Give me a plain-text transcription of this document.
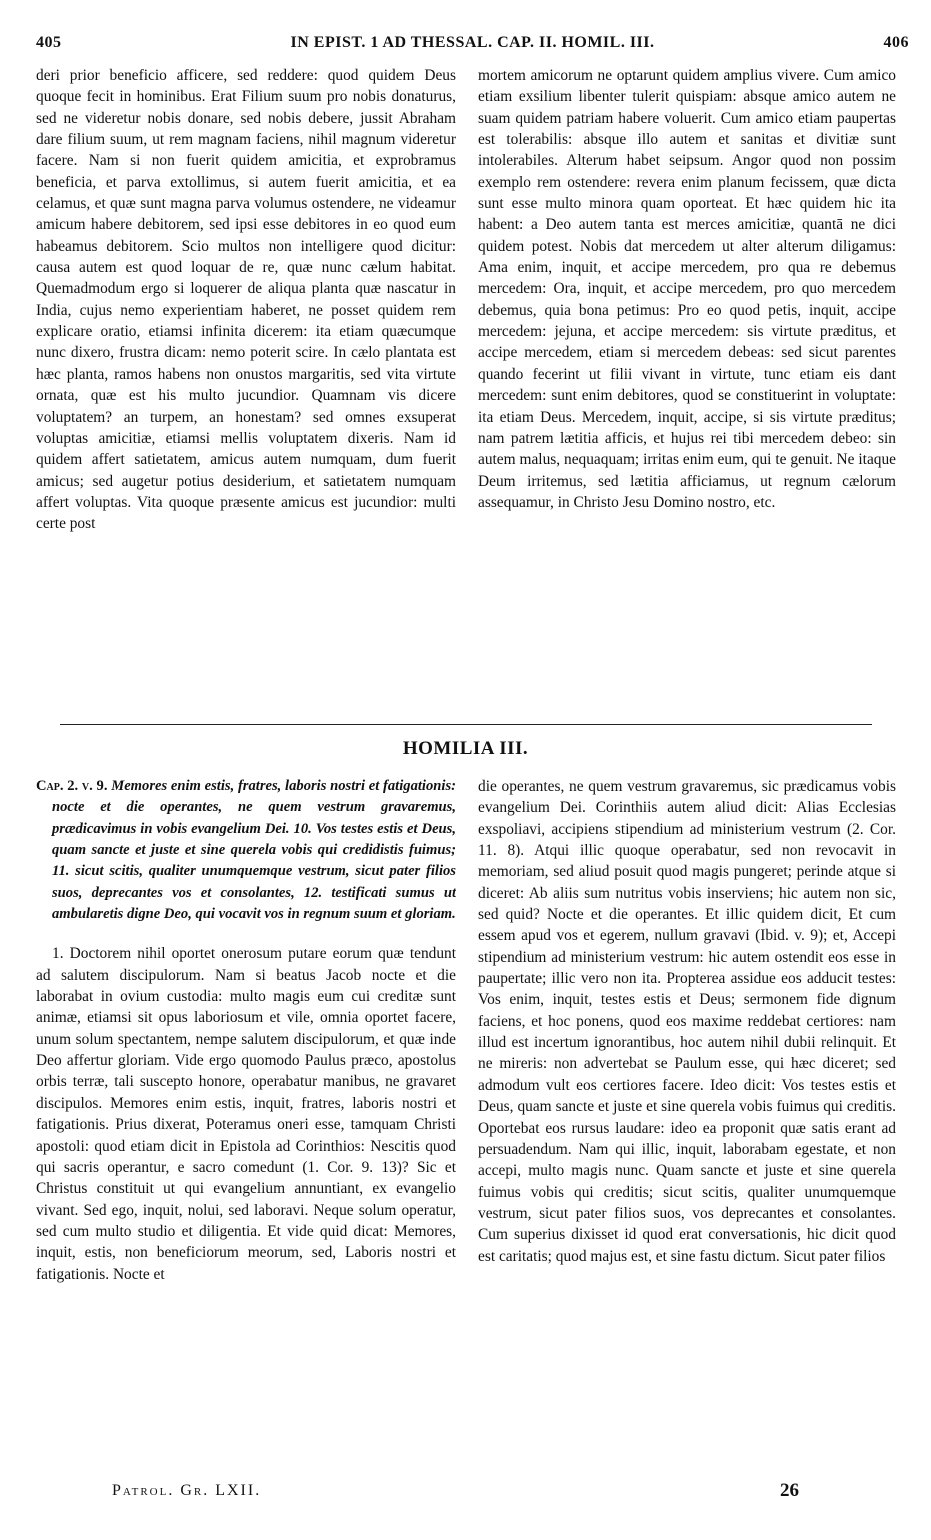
405	IN EPIST. 1 AD THESSAL. CAP. II. HOMIL. III.	406

deri prior beneficio afficere, sed reddere: quod quidem Deus quoque fecit in hominibus. Erat Filium suum pro nobis donaturus, sed ne videretur nobis donare, sed nobis debere, jussit Abraham dare filium suum, ut rem magnam faciens, nihil magnum videretur facere. Nam si non fuerit quidem amicitia, et exprobramus beneficia, et parva extollimus, si autem fuerit amicitia, et ea celamus, et quæ sunt magna parva volumus ostendere, ne videamur amicum habere debitorem, sed ipsi esse debitores in eo quod eum habeamus debitorem. Scio multos non intelligere quod dicitur: causa autem est quod loquar de re, quæ nunc cælum habitat. Quemadmodum ergo si loquerer de aliqua planta quæ nascatur in India, cujus nemo experientiam haberet, ne posset quidem rem explicare oratio, etiamsi infinita dicerem: ita etiam quæcumque nunc dixero, frustra dicam: nemo poterit scire. In cælo plantata est hæc planta, ramos habens non onustos margaritis, sed vita virtute ornata, quæ est his multo jucundior. Quamnam vis dicere voluptatem? an turpem, an honestam? sed omnes exsuperat voluptas amicitiæ, etiamsi mellis voluptatem dixeris. Nam id quidem affert satietatem, amicus autem numquam, dum fuerit amicus; sed augetur potius desiderium, et satietatem numquam affert voluptas. Vita quoque præsente amicus est jucundior: multi certe post

mortem amicorum ne optarunt quidem amplius vivere. Cum amico etiam exsilium libenter tulerit quispiam: absque amico autem ne suam quidem patriam habere voluerit. Cum amico etiam paupertas est tolerabilis: absque illo autem et sanitas et divitiæ sunt intolerabiles. Alterum habet seipsum. Angor quod non possim exemplo rem ostendere: revera enim planum fecissem, quæ dicta sunt esse multo minora quam oporteat. Et hæc quidem hic ita habent: a Deo autem tanta est merces amicitiæ, quantā ne dici quidem potest. Nobis dat mercedem ut alter alterum diligamus: Ama enim, inquit, et accipe mercedem, pro qua re debemus mercedem: Ora, inquit, et accipe mercedem, pro quo mercedem debemus, quia bona petimus: Pro eo quod petis, inquit, accipe mercedem: jejuna, et accipe mercedem: sis virtute præditus, et accipe mercedem, etiam si mercedem debeas: sed sicut parentes quando fecerint ut filii vivant in virtute, tunc etiam eis dant mercedem: sunt enim debitores, quod se constituerint in voluptate: ita etiam Deus. Mercedem, inquit, accipe, si sis virtute præditus; nam patrem lætitia afficis, et hujus rei tibi mercedem debeo: sin autem malus, nequaquam; irritas enim eum, qui te genuit. Ne itaque Deum irritemus, sed lætitia afficiamus, ut regnum cælorum assequamur, in Christo Jesu Domino nostro, etc.

HOMILIA III.

Cap. 2. v. 9. Memores enim estis, fratres, laboris nostri et fatigationis: nocte et die operantes, ne quem vestrum gravaremus, prædicavimus in vobis evangelium Dei. 10. Vos testes estis et Deus, quam sancte et juste et sine querela vobis qui credidistis fuimus; 11. sicut scitis, qualiter unumquemque vestrum, sicut pater filios suos, deprecantes vos et consolantes, 12. testificati sumus ut ambularetis digne Deo, qui vocavit vos in regnum suum et gloriam.

1. Doctorem nihil oportet onerosum putare eorum quæ tendunt ad salutem discipulorum. Nam si beatus Jacob nocte et die laborabat in ovium custodia: multo magis eum cui creditæ sunt animæ, etiamsi sit opus laboriosum et vile, omnia oportet facere, unum solum spectantem, nempe salutem discipulorum, et quæ inde Deo affertur gloriam. Vide ergo quomodo Paulus præco, apostolus orbis terræ, tali suscepto honore, operabatur manibus, ne gravaret discipulos. Memores enim estis, inquit, fratres, laboris nostri et fatigationis. Prius dixerat, Poteramus oneri esse, tamquam Christi apostoli: quod etiam dicit in Epistola ad Corinthios: Nescitis quod qui sacris operantur, e sacro comedunt (1. Cor. 9. 13)? Sic et Christus constituit ut qui evangelium annuntiant, ex evangelio vivant. Sed ego, inquit, nolui, sed laboravi. Neque solum operatur, sed cum multo studio et diligentia. Et vide quid dicat: Memores, inquit, estis, non beneficiorum meorum, sed, Laboris nostri et fatigationis. Nocte et

die operantes, ne quem vestrum gravaremus, sic prædicamus vobis evangelium Dei. Corinthiis autem aliud dicit: Alias Ecclesias exspoliavi, accipiens stipendium ad ministerium vestrum (2. Cor. 11. 8). Atqui illic quoque operabatur, sed non revocavit in memoriam, sed aliud posuit quod magis pungeret; perinde atque si diceret: Ab aliis sum nutritus vobis inserviens; hic autem non sic, sed quid? Nocte et die operantes. Et illic quidem dicit, Et cum essem apud vos et egerem, nullum gravavi (Ibid. v. 9); et, Accepi stipendium ad ministerium vestrum: hic autem ostendit eos esse in paupertate; illic vero non ita. Propterea assidue eos adducit testes: Vos enim, inquit, testes estis et Deus; sermonem fide dignum faciens, et hoc ponens, quod eos maxime reddebat certiores: nam illud est incertum ignorantibus, hoc autem nihil dubii relinquit. Et ne mireris: non advertebat se Paulum esse, qui hæc diceret; sed admodum vult eos certiores facere. Ideo dicit: Vos testes estis et Deus, quam sancte et juste et sine querela vobis fuimus qui creditis. Oportebat eos rursus laudare: ideo ea proponit quæ satis erant ad persuadendum. Nam qui illic, inquit, laborabam egestate, et non accepi, multo magis nunc. Quam sancte et juste et sine querela fuimus vobis qui creditis; sicut scitis, qualiter unumquemque vestrum, sicut pater filios suos, vos deprecantes et consolantes. Cum superius dixisset id quod erat conversationis, hic dicit quod est caritatis; quod majus est, et sine fastu dictum. Sicut pater filios

Patrol. Gr. LXII.	26
